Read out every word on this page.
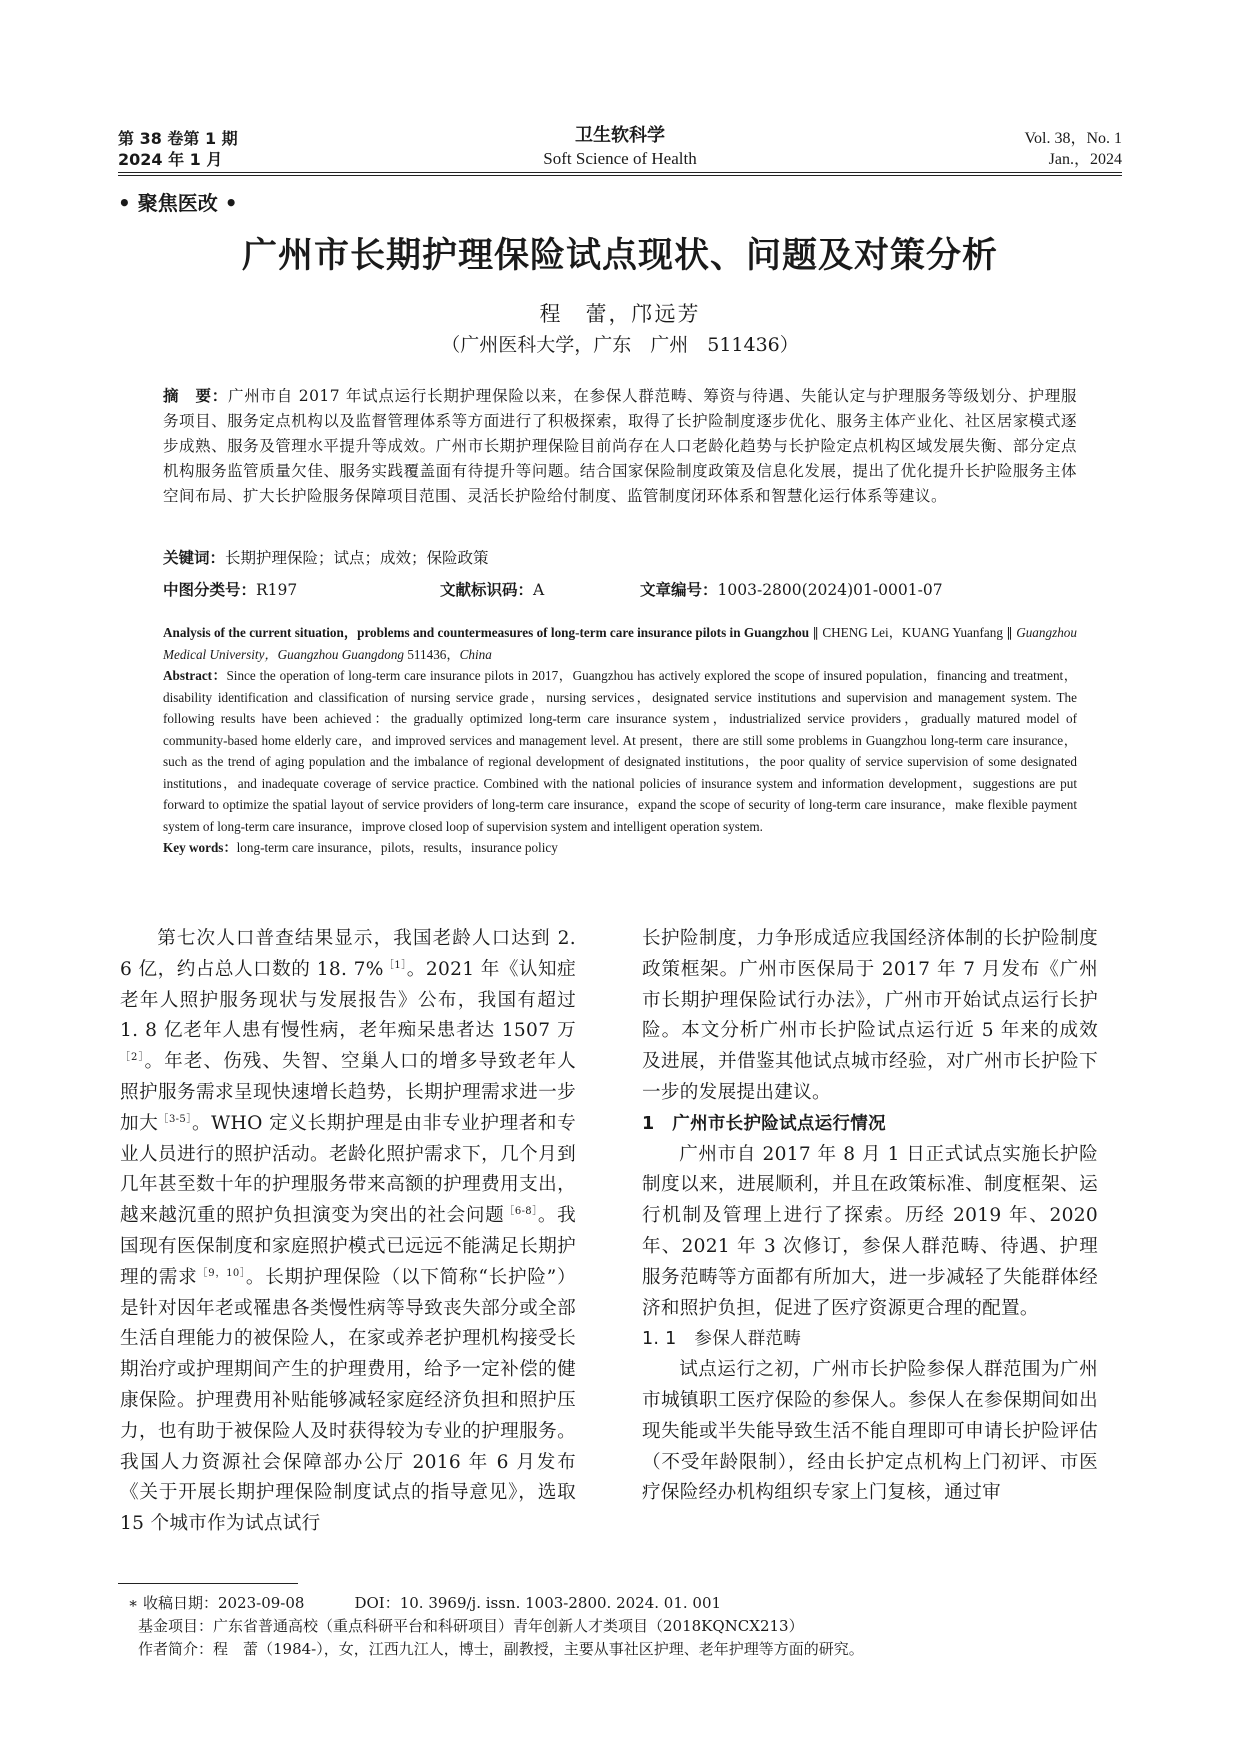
第 38 卷第 1 期
2024 年 1 月
卫生软科学
Soft Science of Health
Vol. 38，No. 1
Jan.，2024
• 聚焦医改 •
广州市长期护理保险试点现状、问题及对策分析
程　蕾，邝远芳
（广州医科大学，广东　广州　511436）
摘　要：广州市自 2017 年试点运行长期护理保险以来，在参保人群范畴、筹资与待遇、失能认定与护理服务等级划分、护理服务项目、服务定点机构以及监督管理体系等方面进行了积极探索，取得了长护险制度逐步优化、服务主体产业化、社区居家模式逐步成熟、服务及管理水平提升等成效。广州市长期护理保险目前尚存在人口老龄化趋势与长护险定点机构区域发展失衡、部分定点机构服务监管质量欠佳、服务实践覆盖面有待提升等问题。结合国家保险制度政策及信息化发展，提出了优化提升长护险服务主体空间布局、扩大长护险服务保障项目范围、灵活长护险给付制度、监管制度闭环体系和智慧化运行体系等建议。
关键词：长期护理保险；试点；成效；保险政策
中图分类号：R197	文献标识码：A	文章编号：1003-2800(2024)01-0001-07
Analysis of the current situation，problems and countermeasures of long-term care insurance pilots in Guangzhou ∥ CHENG Lei，KUANG Yuanfang ∥ Guangzhou Medical University，Guangzhou Guangdong 511436，China
Abstract：Since the operation of long-term care insurance pilots in 2017，Guangzhou has actively explored the scope of insured population，financing and treatment，disability identification and classification of nursing service grade，nursing services，designated service institutions and supervision and management system. The following results have been achieved：the gradually optimized long-term care insurance system，industrialized service providers，gradually matured model of community-based home elderly care，and improved services and management level. At present，there are still some problems in Guangzhou long-term care insurance，such as the trend of aging population and the imbalance of regional development of designated institutions，the poor quality of service supervision of some designated institutions，and inadequate coverage of service practice. Combined with the national policies of insurance system and information development，suggestions are put forward to optimize the spatial layout of service providers of long-term care insurance，expand the scope of security of long-term care insurance，make flexible payment system of long-term care insurance，improve closed loop of supervision system and intelligent operation system.
Key words：long-term care insurance，pilots，results，insurance policy

第七次人口普查结果显示，我国老龄人口达到 2. 6 亿，约占总人口数的 18. 7%$^{[1]}$。2021 年《认知症老年人照护服务现状与发展报告》公布，我国有超过 1. 8 亿老年人患有慢性病，老年痴呆患者达 1507 万$^{[2]}$。年老、伤残、失智、空巢人口的增多导致老年人照护服务需求呈现快速增长趋势，长期护理需求进一步加大$^{[3-5]}$。WHO 定义长期护理是由非专业护理者和专业人员进行的照护活动。老龄化照护需求下，几个月到几年甚至数十年的护理服务带来高额的护理费用支出，越来越沉重的照护负担演变为突出的社会问题$^{[6-8]}$。我国现有医保制度和家庭照护模式已远远不能满足长期护理的需求$^{[9,10]}$。长期护理保险（以下简称“长护险”）是针对因年老或罹患各类慢性病等导致丧失部分或全部生活自理能力的被保险人，在家或养老护理机构接受长期治疗或护理期间产生的护理费用，给予一定补偿的健康保险。护理费用补贴能够减轻家庭经济负担和照护压力，也有助于被保险人及时获得较为专业的护理服务。我国人力资源社会保障部办公厅 2016 年 6 月发布《关于开展长期护理保险制度试点的指导意见》，选取 15 个城市作为试点试行

长护险制度，力争形成适应我国经济体制的长护险制度政策框架。广州市医保局于 2017 年 7 月发布《广州市长期护理保险试行办法》，广州市开始试点运行长护险。本文分析广州市长护险试点运行近 5 年来的成效及进展，并借鉴其他试点城市经验，对广州市长护险下一步的发展提出建议。

1　广州市长护险试点运行情况

广州市自 2017 年 8 月 1 日正式试点实施长护险制度以来，进展顺利，并且在政策标准、制度框架、运行机制及管理上进行了探索。历经 2019 年、2020 年、2021 年 3 次修订，参保人群范畴、待遇、护理服务范畴等方面都有所加大，进一步减轻了失能群体经济和照护负担，促进了医疗资源更合理的配置。

1. 1　参保人群范畴

试点运行之初，广州市长护险参保人群范围为广州市城镇职工医疗保险的参保人。参保人在参保期间如出现失能或半失能导致生活不能自理即可申请长护险评估（不受年龄限制），经由长护定点机构上门初评、市医疗保险经办机构组织专家上门复核，通过审

∗ 收稿日期：2023-09-08	DOI：10. 3969/j. issn. 1003-2800. 2024. 01. 001
基金项目：广东省普通高校（重点科研平台和科研项目）青年创新人才类项目（2018KQNCX213）
作者简介：程　蕾（1984-），女，江西九江人，博士，副教授，主要从事社区护理、老年护理等方面的研究。
